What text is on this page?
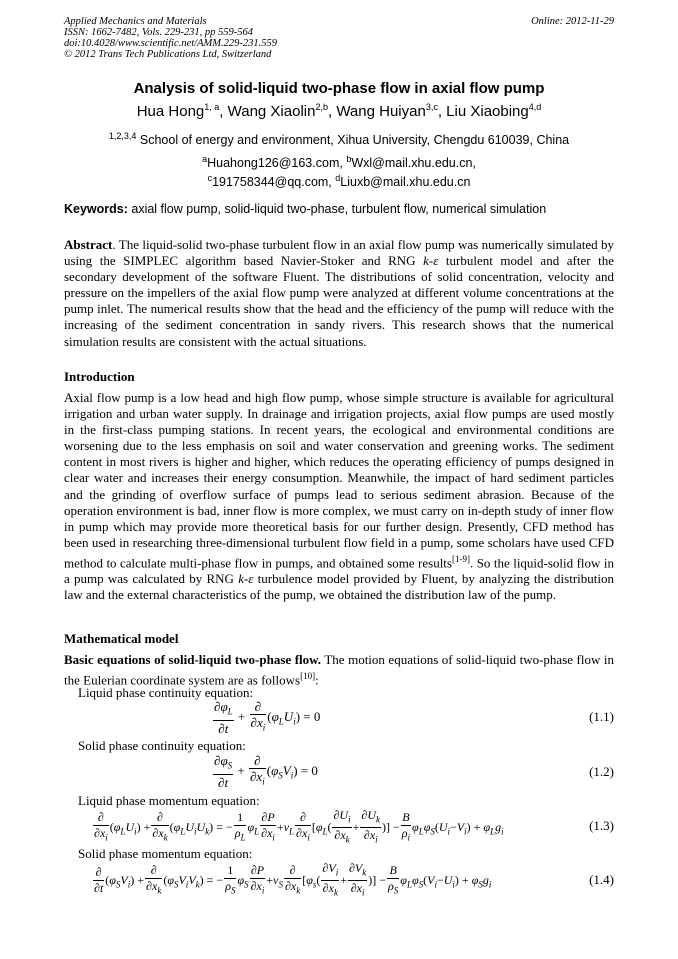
Applied Mechanics and Materials
ISSN: 1662-7482, Vols. 229-231, pp 559-564
doi:10.4028/www.scientific.net/AMM.229-231.559
© 2012 Trans Tech Publications Ltd, Switzerland
Online: 2012-11-29
Analysis of solid-liquid two-phase flow in axial flow pump
Hua Hong$^{1, a}$, Wang Xiaolin$^{2,b}$, Wang Huiyan$^{3,c}$, Liu Xiaobing$^{4,d}$
$^{1,2,3,4}$ School of energy and environment, Xihua University, Chengdu 610039, China
$^a$Huahong126@163.com, $^b$Wxl@mail.xhu.edu.cn,
$^c$191758344@qq.com, $^d$Liuxb@mail.xhu.edu.cn
Keywords: axial flow pump, solid-liquid two-phase, turbulent flow, numerical simulation
Abstract. The liquid-solid two-phase turbulent flow in an axial flow pump was numerically simulated by using the SIMPLEC algorithm based Navier-Stoker and RNG k-ε turbulent model and after the secondary development of the software Fluent. The distributions of solid concentration, velocity and pressure on the impellers of the axial flow pump were analyzed at different volume concentrations at the pump inlet. The numerical results show that the head and the efficiency of the pump will reduce with the increasing of the sediment concentration in sandy rivers. This research shows that the numerical simulation results are consistent with the actual situations.
Introduction
Axial flow pump is a low head and high flow pump, whose simple structure is available for agricultural irrigation and urban water supply. In drainage and irrigation projects, axial flow pumps are used mostly in the first-class pumping stations. In recent years, the ecological and environmental conditions are worsening due to the less emphasis on soil and water conservation and greening works. The sediment content in most rivers is higher and higher, which reduces the operating efficiency of pumps designed in clear water and increases their energy consumption. Meanwhile, the impact of hard sediment particles and the grinding of overflow surface of pumps lead to serious sediment abrasion. Because of the operation environment is bad, inner flow is more complex, we must carry on in-depth study of inner flow in pump which may provide more theoretical basis for our further design. Presently, CFD method has been used in researching three-dimensional turbulent flow field in a pump, some scholars have used CFD method to calculate multi-phase flow in pumps, and obtained some results[1-9]. So the liquid-solid flow in a pump was calculated by RNG k-ε turbulence model provided by Fluent, by analyzing the distribution law and the external characteristics of the pump, we obtained the distribution law of the pump.
Mathematical model
Basic equations of solid-liquid two-phase flow. The motion equations of solid-liquid two-phase flow in the Eulerian coordinate system are as follows[10]:
Liquid phase continuity equation:
$\frac{\partial\varphi_L}{\partial t} + \frac{\partial}{\partial x_i} (\varphi_LU_i) = 0$	(1.1)
Solid phase continuity equation:
$\frac{\partial\varphi_S}{\partial t} + \frac{\partial}{\partial x_i} (\varphi_SV_i) = 0$	(1.2)
Liquid phase momentum equation:
$\frac{\partial}{\partial x_i} (\varphi_LU_i) + \frac{\partial}{\partial x_k} (\varphi_LU_iU_k)$ = − $\frac{1}{\rho_L} \varphi_L \frac{\partial P}{\partial x_i} +v_L \frac{\partial}{\partial x_i} [\varphi_L( \frac{\partial U_i}{\partial x_k} + \frac{\partial U_k}{\partial x_i}$ )] − $\frac{B}{\rho_i} \varphi_L\varphi_S(U_i-V_i) + \varphi_Lg_i$	(1.3)
Solid phase momentum equation:
$\frac{\partial}{\partial t} (\varphi_SV_i) + \frac{\partial}{\partial x_k} (\varphi_SV_iV_k)$ = − $\frac{1}{\rho_S} \varphi_S \frac{\partial P}{\partial x_i} +v_S \frac{\partial}{\partial x_k} [\varphi_s( \frac{\partial V_i}{\partial x_k} + \frac{\partial V_k}{\partial x_i}$ )] − $\frac{B}{\rho_S} \varphi_L\varphi_S(V_i-U_i) + \varphi_Sg_i$	(1.4)
